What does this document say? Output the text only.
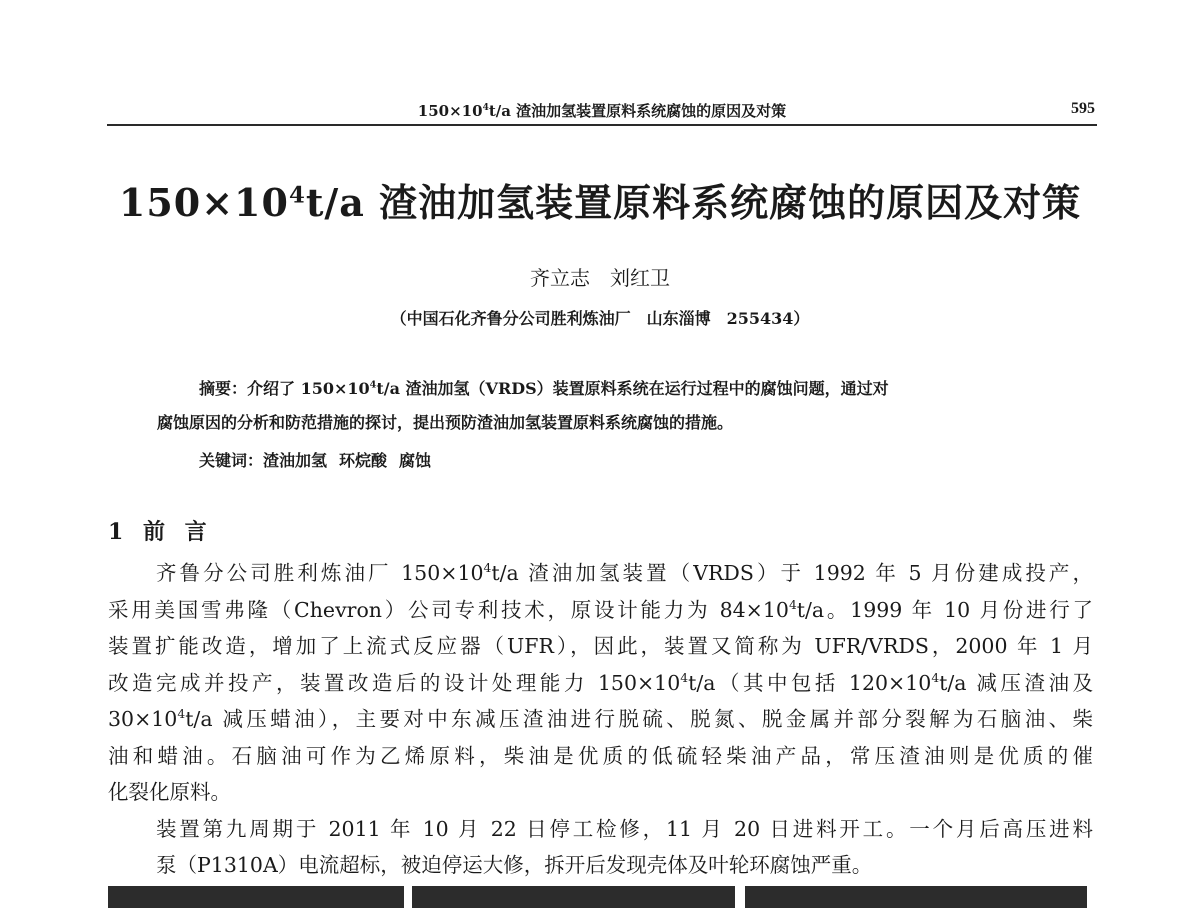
$150\times 10^4t/a$ 渣油加氢装置原料系统腐蚀的原因及对策	595
$150\times 10^4t/a$ 渣油加氢装置原料系统腐蚀的原因及对策
齐立志　刘红卫
（中国石化齐鲁分公司胜利炼油厂　山东淄博　255434）
摘要：介绍了 $150\times 10^4t/a$ 渣油加氢（VRDS）装置原料系统在运行过程中的腐蚀问题，通过对
腐蚀原因的分析和防范措施的探讨，提出预防渣油加氢装置原料系统腐蚀的措施。
关键词：渣油加氢 环烷酸 腐蚀
1 前 言
齐鲁分公司胜利炼油厂 $150\times 10^4t/a$ 渣油加氢装置（VRDS）于 1992 年 5 月份建成投产，
采用美国雪弗隆（Chevron）公司专利技术，原设计能力为 $84\times 10^4t/a$。1999 年 10 月份进行了
装置扩能改造，增加了上流式反应器（UFR），因此，装置又简称为 UFR/VRDS，2000 年 1 月
改造完成并投产，装置改造后的设计处理能力 $150\times 10^4t/a$（其中包括 $120\times 10^4t/a$ 减压渣油及
$30\times 10^4t/a$ 减压蜡油），主要对中东减压渣油进行脱硫、脱氮、脱金属并部分裂解为石脑油、柴
油和蜡油。石脑油可作为乙烯原料，柴油是优质的低硫轻柴油产品，常压渣油则是优质的催
化裂化原料。
装置第九周期于 2011 年 10 月 22 日停工检修，11 月 20 日进料开工。一个月后高压进料
泵（P1310A）电流超标，被迫停运大修，拆开后发现壳体及叶轮环腐蚀严重。
